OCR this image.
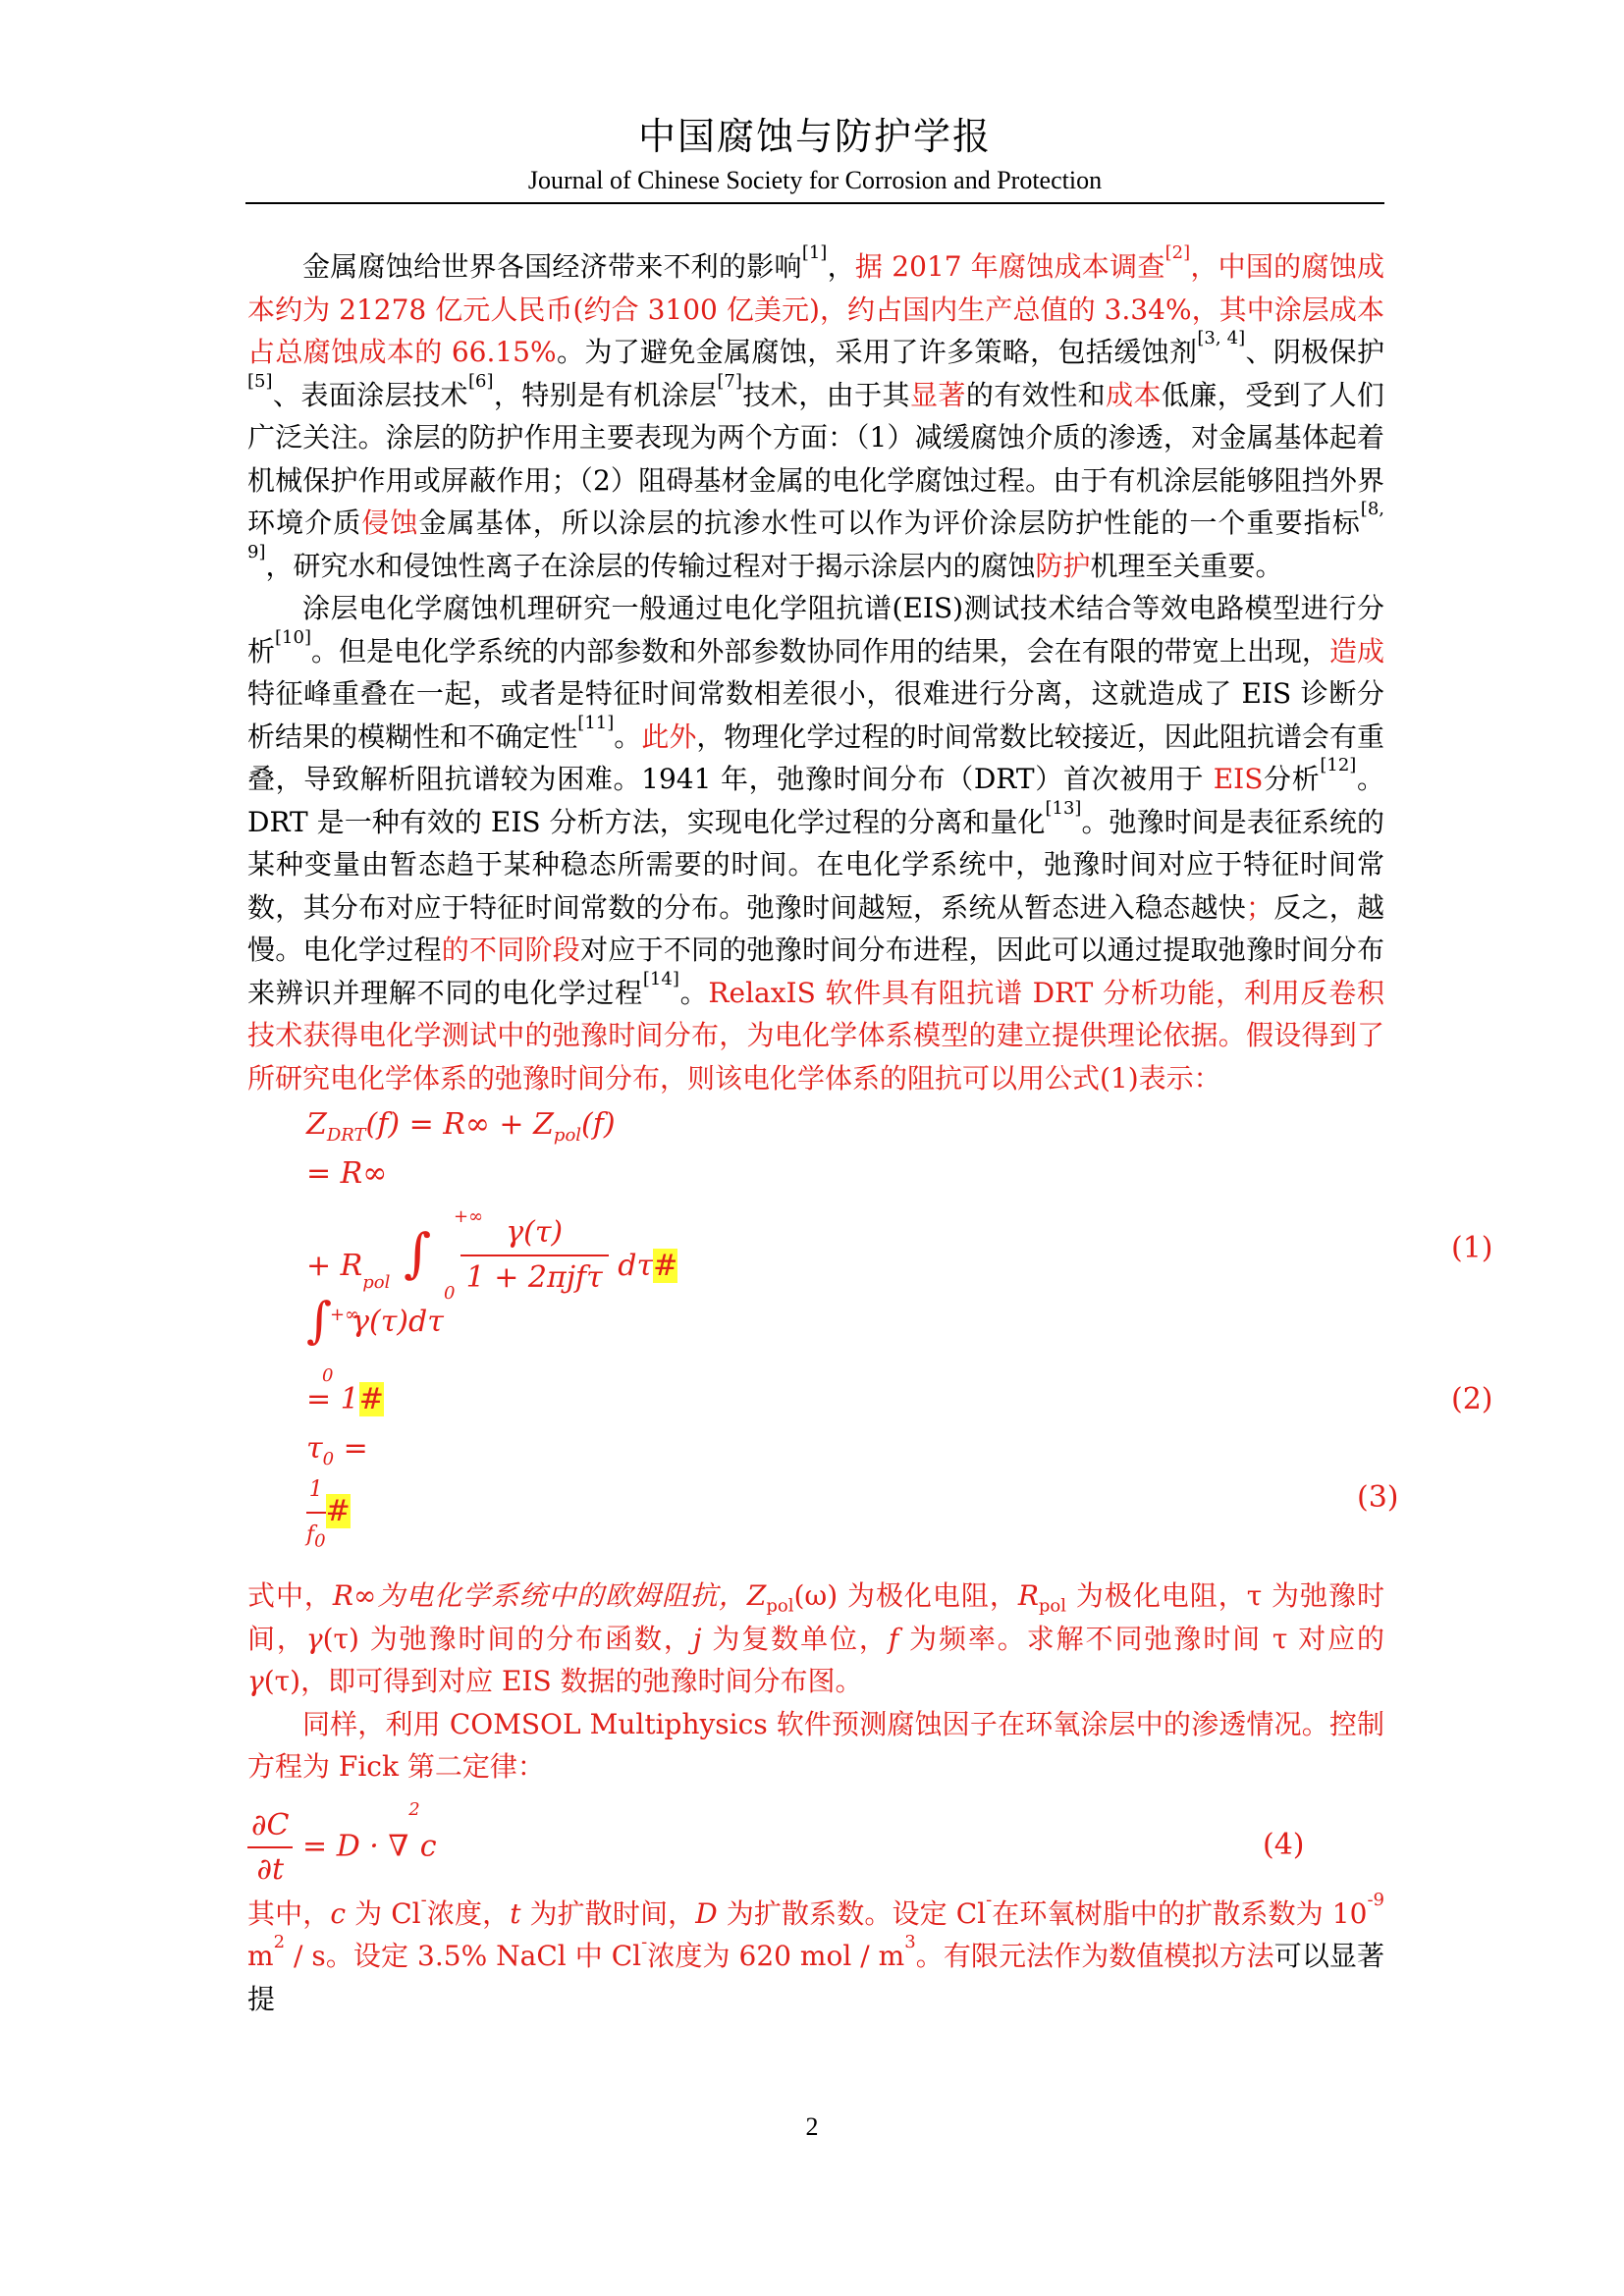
中国腐蚀与防护学报
Journal of Chinese Society for Corrosion and Protection

金属腐蚀给世界各国经济带来不利的影响[1]，据 2017 年腐蚀成本调查[2]，中国的腐蚀成本约为 21278 亿元人民币(约合 3100 亿美元)，约占国内生产总值的 3.34%，其中涂层成本占总腐蚀成本的 66.15%。为了避免金属腐蚀，采用了许多策略，包括缓蚀剂[3, 4]、阴极保护[5]、表面涂层技术[6]，特别是有机涂层[7]技术，由于其显著的有效性和成本低廉，受到了人们广泛关注。涂层的防护作用主要表现为两个方面：（1）减缓腐蚀介质的渗透，对金属基体起着机械保护作用或屏蔽作用；（2）阻碍基材金属的电化学腐蚀过程。由于有机涂层能够阻挡外界环境介质侵蚀金属基体，所以涂层的抗渗水性可以作为评价涂层防护性能的一个重要指标[8, 9]，研究水和侵蚀性离子在涂层的传输过程对于揭示涂层内的腐蚀防护机理至关重要。

涂层电化学腐蚀机理研究一般通过电化学阻抗谱(EIS)测试技术结合等效电路模型进行分析[10]。但是电化学系统的内部参数和外部参数协同作用的结果，会在有限的带宽上出现，造成特征峰重叠在一起，或者是特征时间常数相差很小，很难进行分离，这就造成了 EIS 诊断分析结果的模糊性和不确定性[11]。此外，物理化学过程的时间常数比较接近，因此阻抗谱会有重叠，导致解析阻抗谱较为困难。1941 年，弛豫时间分布（DRT）首次被用于 EIS分析[12]。DRT 是一种有效的 EIS 分析方法，实现电化学过程的分离和量化[13]。弛豫时间是表征系统的某种变量由暂态趋于某种稳态所需要的时间。在电化学系统中，弛豫时间对应于特征时间常数，其分布对应于特征时间常数的分布。弛豫时间越短，系统从暂态进入稳态越快；反之，越慢。电化学过程的不同阶段对应于不同的弛豫时间分布进程，因此可以通过提取弛豫时间分布来辨识并理解不同的电化学过程[14]。RelaxIS 软件具有阻抗谱 DRT 分析功能，利用反卷积技术获得电化学测试中的弛豫时间分布，为电化学体系模型的建立提供理论依据。假设得到了所研究电化学体系的弛豫时间分布，则该电化学体系的阻抗可以用公式(1)表示：

$Z_{DRT}(f) = R\infty + Z_{pol}(f)$
= R∞
+ $R_{pol}$ ∫
+∞
0
γ(τ)
1 + 2πjfτ dτ#	(1)
∫
+∞
0
γ(τ)dτ
= 1#	(2)
$\tau_0$ =
$\frac{1}{f_0}$ #	(3)

式中，R∞为电化学系统中的欧姆阻抗，$Z_{pol}(\omega)$ 为极化电阻，$R_{pol}$ 为极化电阻，τ 为弛豫时间，γ(τ) 为弛豫时间的分布函数，j 为复数单位，f 为频率。求解不同弛豫时间 τ 对应的 γ(τ)，即可得到对应 EIS 数据的弛豫时间分布图。

同样，利用 COMSOL Multiphysics 软件预测腐蚀因子在环氧涂层中的渗透情况。控制方程为 Fick 第二定律：

$\frac{\partial C}{\partial t} = D \cdot \nabla^2c$	(4)

其中，c 为 Cl-浓度，t 为扩散时间，D 为扩散系数。设定 Cl-在环氧树脂中的扩散系数为 $10^{-9}$ $m^2$ / s。设定 3.5% NaCl 中 Cl-浓度为 620 mol / $m^3$。有限元法作为数值模拟方法可以显著提

2
